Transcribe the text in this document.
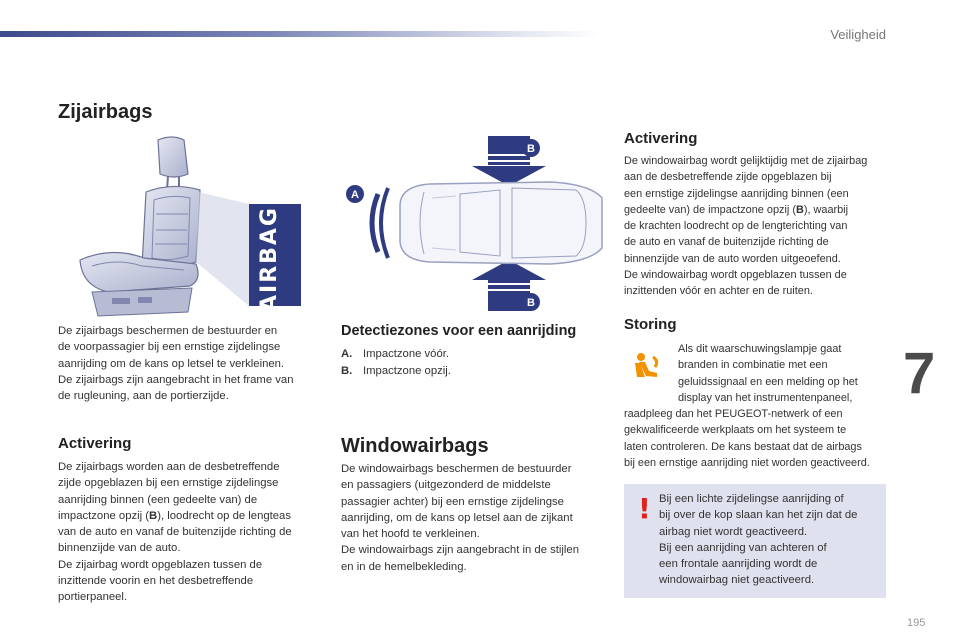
Veiligheid
Zijairbags
AIRBAG

De zijairbags beschermen de bestuurder en

de voorpassagier bij een ernstige zijdelingse

aanrijding om de kans op letsel te verkleinen.

De zijairbags zijn aangebracht in het frame van

de rugleuning, aan de portierzijde.

Activering

De zijairbags worden aan de desbetreffende

zijde opgeblazen bij een ernstige zijdelingse

aanrijding binnen (een gedeelte van) de

impactzone opzij (B), loodrecht op de lengteas

van de auto en vanaf de buitenzijde richting de

binnenzijde van de auto.

De zijairbag wordt opgeblazen tussen de

inzittende voorin en het desbetreffende

portierpaneel.

A
B
B
Detectiezones voor een aanrijding
A. Impactzone vóór.
B. Impactzone opzij.
Windowairbags

De windowairbags beschermen de bestuurder

en passagiers (uitgezonderd de middelste

passagier achter) bij een ernstige zijdelingse

aanrijding, om de kans op letsel aan de zijkant

van het hoofd te verkleinen.

De windowairbags zijn aangebracht in de stijlen

en in de hemelbekleding.

Activering

De windowairbag wordt gelijktijdig met de zijairbag

aan de desbetreffende zijde opgeblazen bij

een ernstige zijdelingse aanrijding binnen (een

gedeelte van) de impactzone opzij (B), waarbij

de krachten loodrecht op de lengterichting van

de auto en vanaf de buitenzijde richting de

binnenzijde van de auto worden uitgeoefend.

De windowairbag wordt opgeblazen tussen de

inzittenden vóór en achter en de ruiten.

Storing

Als dit waarschuwingslampje gaat

branden in combinatie met een

geluidssignaal en een melding op het

display van het instrumentenpaneel,

raadpleeg dan het PEUGEOT-netwerk of een

gekwalificeerde werkplaats om het systeem te

laten controleren. De kans bestaat dat de airbags

bij een ernstige aanrijding niet worden geactiveerd.

! Bij een lichte zijdelingse aanrijding of

bij over de kop slaan kan het zijn dat de

airbag niet wordt geactiveerd.

Bij een aanrijding van achteren of

een frontale aanrijding wordt de

windowairbag niet geactiveerd.

7
195
